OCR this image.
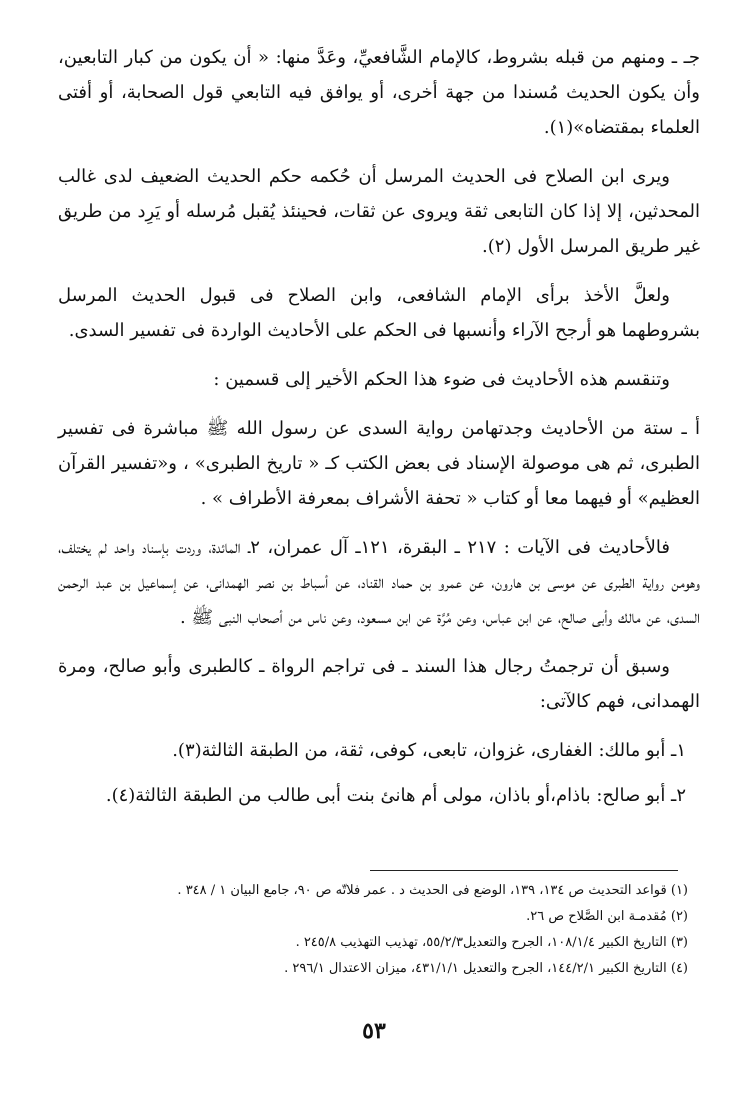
جـ ـ ومنهم من قبله بشروط، كالإمام الشَّافعيِّ، وعَدَّ منها: « أن يكون من كبار التابعين، وأن يكون الحديث مُسندا من جهة أخرى، أو يوافق فيه التابعي قول الصحابة، أو أفتى العلماء بمقتضاه»(١).

ويرى ابن الصلاح فى الحديث المرسل أن حُكمه حكم الحديث الضعيف لدى غالب المحدثين، إلا إذا كان التابعى ثقة ويروى عن ثقات، فحينئذ يُقبل مُرسله أو يَرِد من طريق غير طريق المرسل الأول (٢).

ولعلَّ الأخذ برأى الإمام الشافعى، وابن الصلاح فى قبول الحديث المرسل بشروطهما هو أرجح الآراء وأنسبها فى الحكم على الأحاديث الواردة فى تفسير السدى.

وتنقسم هذه الأحاديث فى ضوء هذا الحكم الأخير إلى قسمين :

أ ـ ستة من الأحاديث وجدتهامن رواية السدى عن رسول الله ﷺ مباشرة فى تفسير الطبرى، ثم هى موصولة الإسناد فى بعض الكتب كـ « تاريخ الطبرى» ، و«تفسير القرآن العظيم» أو فيهما معا أو كتاب « تحفة الأشراف بمعرفة الأطراف » .

فالأحاديث فى الآيات : ٢١٧ ـ البقرة، ١٢١ـ آل عمران، ٢ـ المائدة، وردت بإسناد واحد لم يختلف، وهومن رواية الطبرى عن موسى بن هارون، عن عمرو بن حماد القناد، عن أسباط بن نصر الهمدانى، عن إسماعيل بن عبد الرحمن السدى، عن مالك وأبى صالح، عن ابن عباس، وعن مُرَّة عن ابن مسعود، وعن ناس من أصحاب النبى ﷺ .

وسبق أن ترجمتُ رجال هذا السند ـ فى تراجم الرواة ـ كالطبرى وأبو صالح، ومرة الهمدانى، فهم كالآتى:

١ـ أبو مالك: الغفارى، غزوان، تابعى، كوفى، ثقة، من الطبقة الثالثة(٣).

٢ـ أبو صالح: باذام،أو باذان، مولى أم هانئ بنت أبى طالب من الطبقة الثالثة(٤).

(١) قواعد التحديث ص ١٣٤، ١٣٩، الوضع فى الحديث د . عمر فلاتّه ص ٩٠، جامع البيان ١ / ٣٤٨ .

(٢) مُقدمـة ابن الصَّلاح ص ٢٦.

(٣) التاريخ الكبير ١٠٨/١/٤، الجرح والتعديل٥٥/٢/٣، تهذيب التهذيب ٢٤٥/٨ .

(٤) التاريخ الكبير ١٤٤/٢/١، الجرح والتعديل ٤٣١/١/١، ميزان الاعتدال ٢٩٦/١ .

٥٣
